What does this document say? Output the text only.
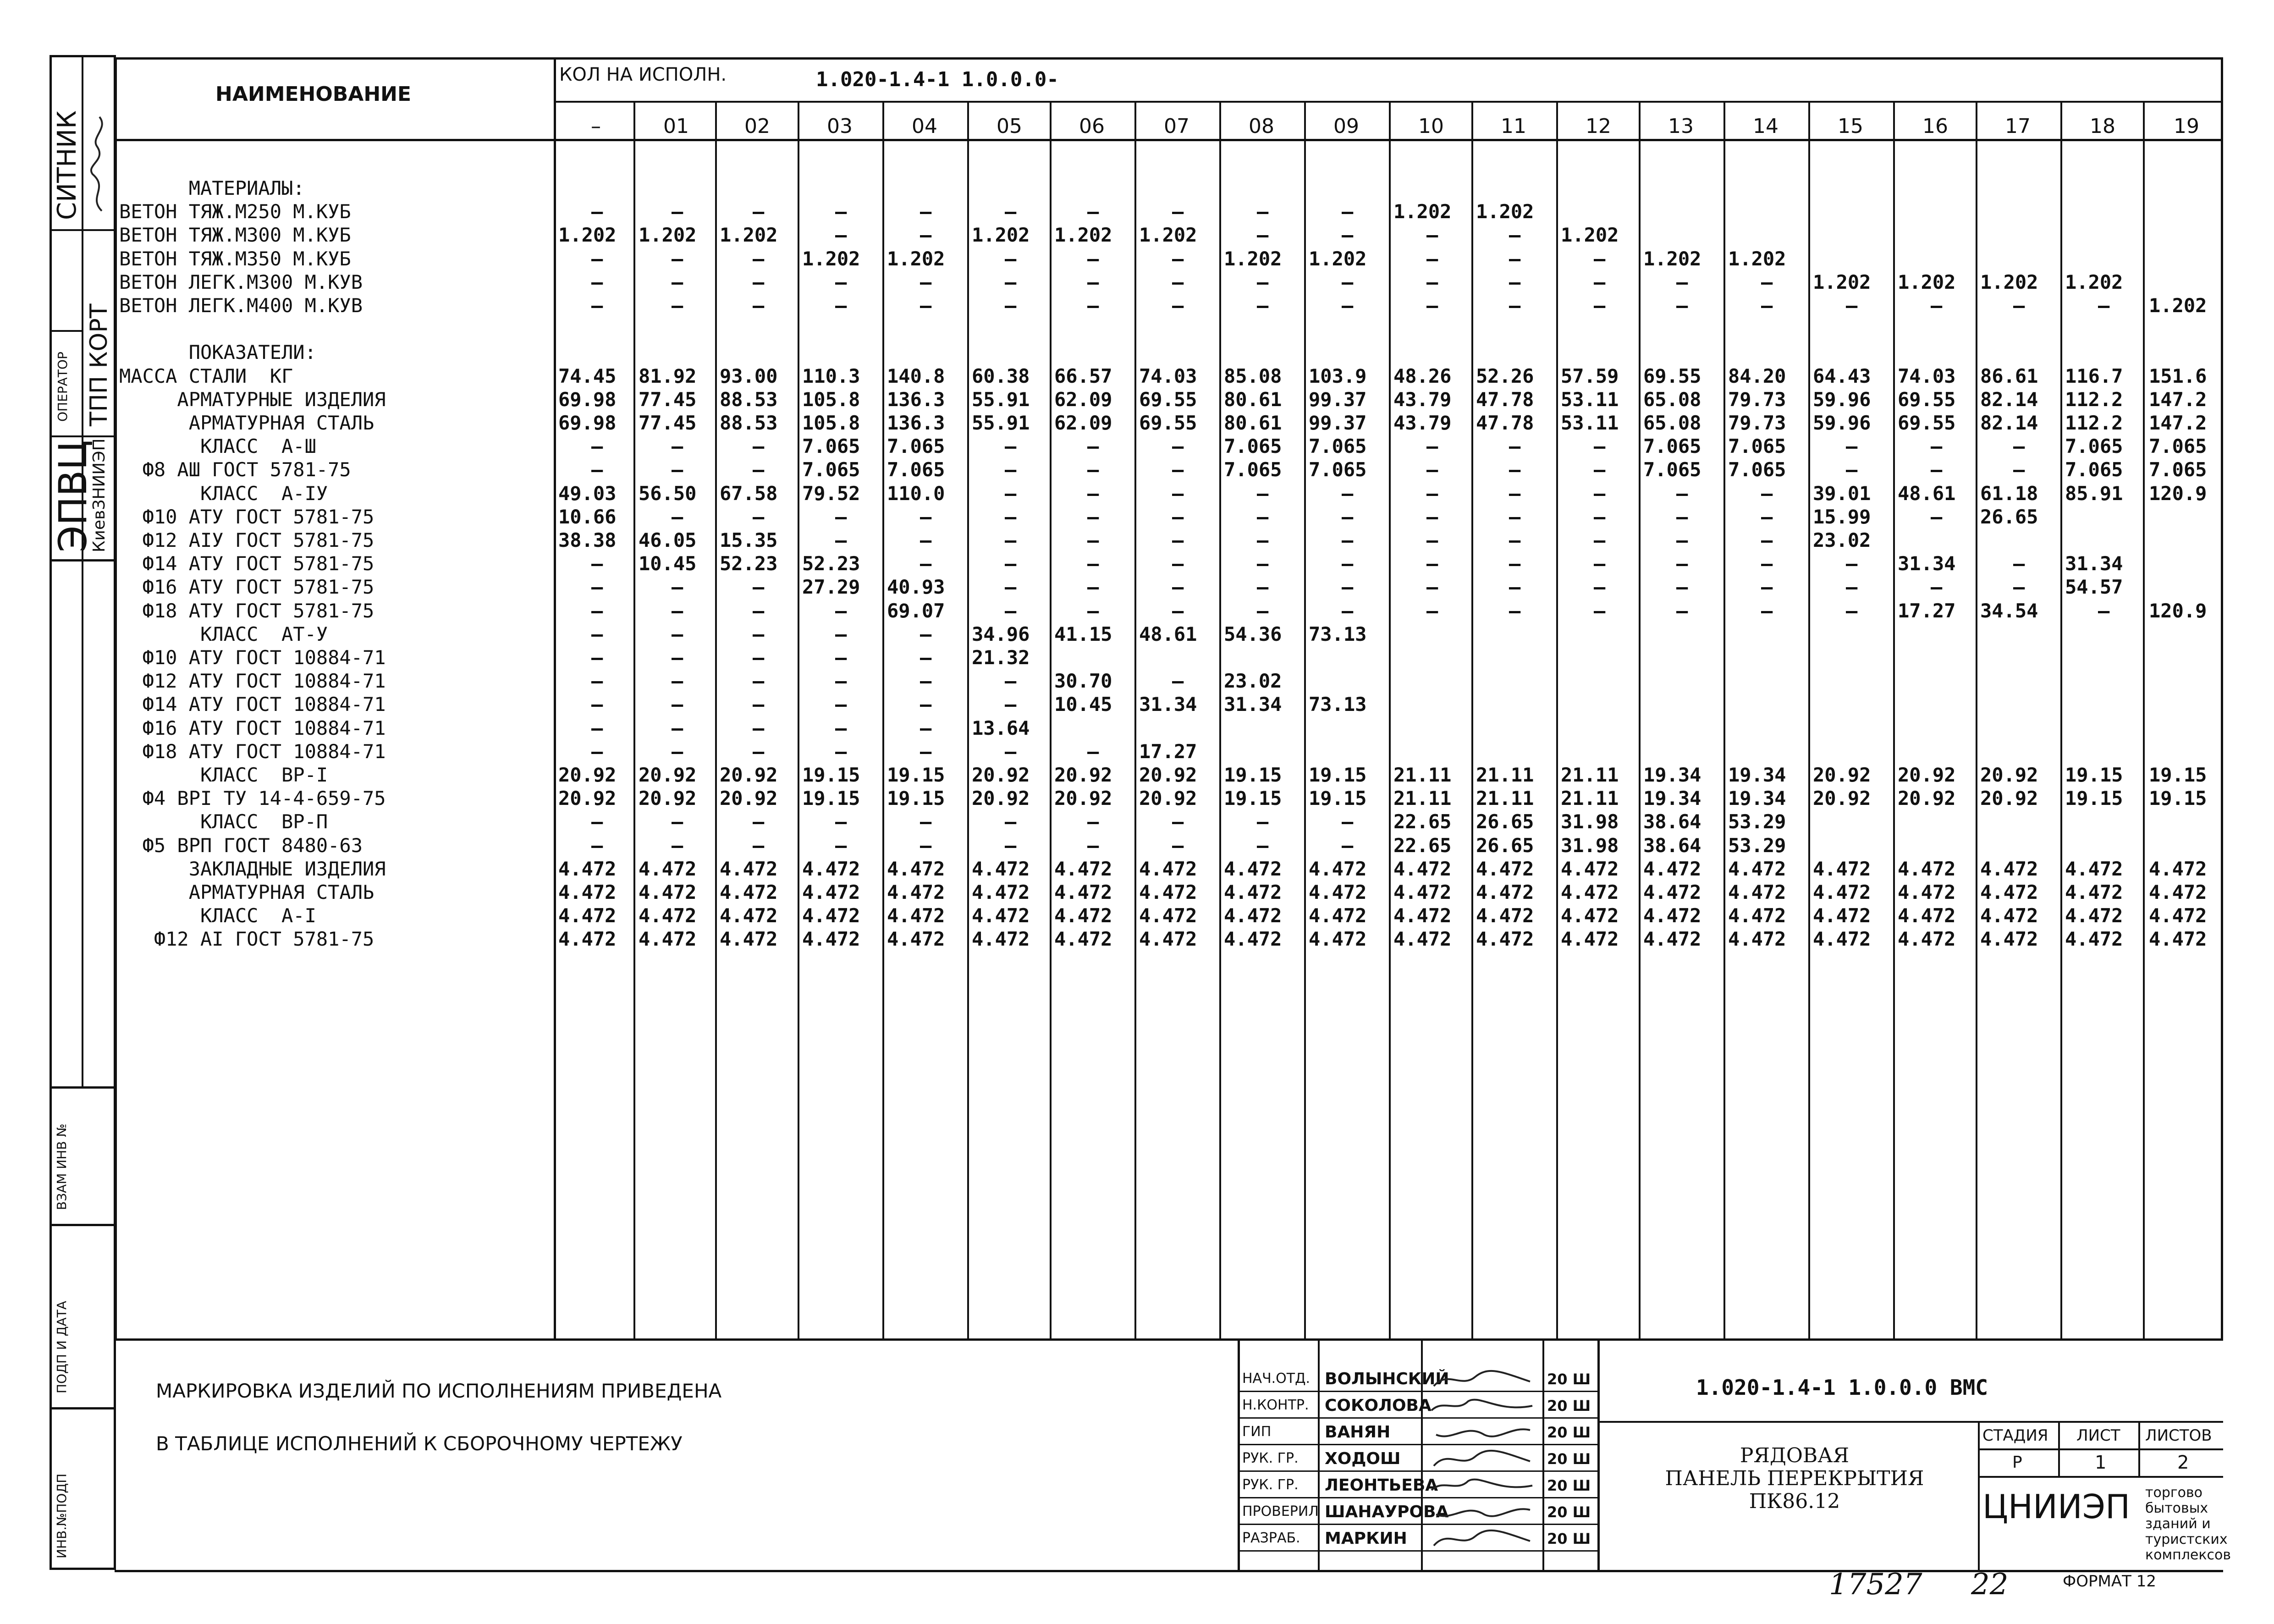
СИТНИК
ОПЕРАТОР ТПП КОРТ
ЭПВЦ
КиевЗНИИЭП
ВЗАМ ИНВ №
ПОДП И ДАТА
ИНВ.№ПОДП
НАИМЕНОВАНИЕ
КОЛ НА ИСПОЛН.	1.020-1.4-1 1.0.0.0-
–	01	02	03	04	05	06	07	08	09	10	11	12	13	14	15	16	17	18	19
МАТЕРИАЛЫ:
ВЕТОН ТЯЖ.М250 М.КУБ	–	–	–	–	–	–	–	–	–	– 1.202 1.202
ВЕТОН ТЯЖ.М300 М.КУБ	1.202 1.202 1.202	–	– 1.202 1.202 1.202	–	–	–	– 1.202
ВЕТОН ТЯЖ.М350 М.КУБ	–	–	– 1.202 1.202	–	–	– 1.202 1.202	–	–	– 1.202 1.202
ВЕТОН ЛЕГК.М300 М.КУВ	–	–	–	–	–	–	–	–	–	–	–	–	–	–	– 1.202 1.202 1.202 1.202
ВЕТОН ЛЕГК.М400 М.КУВ	–	–	–	–	–	–	–	–	–	–	–	–	–	–	–	–	–	–	– 1.202
ПОКАЗАТЕЛИ:
МАССА СТАЛИ  КГ	74.45 81.92 93.00 110.3 140.8 60.38 66.57 74.03 85.08 103.9 48.26 52.26 57.59 69.55 84.20 64.43 74.03 86.61 116.7 151.6
АРМАТУРНЫЕ ИЗДЕЛИЯ	69.98 77.45 88.53 105.8 136.3 55.91 62.09 69.55 80.61 99.37 43.79 47.78 53.11 65.08 79.73 59.96 69.55 82.14 112.2 147.2
АРМАТУРНАЯ СТАЛЬ	69.98 77.45 88.53 105.8 136.3 55.91 62.09 69.55 80.61 99.37 43.79 47.78 53.11 65.08 79.73 59.96 69.55 82.14 112.2 147.2
КЛАСС  А-Ш	–	–	– 7.065 7.065	–	–	– 7.065 7.065	–	–	– 7.065 7.065	–	–	– 7.065 7.065
Ф8 АШ ГОСТ 5781-75	–	–	– 7.065 7.065	–	–	– 7.065 7.065	–	–	– 7.065 7.065	–	–	– 7.065 7.065
КЛАСС  А-IУ	49.03 56.50 67.58 79.52 110.0	–	–	–	–	–	–	–	–	–	– 39.01 48.61 61.18 85.91 120.9
Ф10 АТУ ГОСТ 5781-75	10.66	–	–	–	–	–	–	–	–	–	–	–	–	–	– 15.99	– 26.65
Ф12 АIУ ГОСТ 5781-75	38.38 46.05 15.35	–	–	–	–	–	–	–	–	–	–	–	– 23.02
Ф14 АТУ ГОСТ 5781-75	– 10.45 52.23 52.23	–	–	–	–	–	–	–	–	–	–	–	– 31.34	– 31.34
Ф16 АТУ ГОСТ 5781-75	–	–	– 27.29 40.93	–	–	–	–	–	–	–	–	–	–	–	–	– 54.57
Ф18 АТУ ГОСТ 5781-75	–	–	–	– 69.07	–	–	–	–	–	–	–	–	–	–	– 17.27 34.54	– 120.9
КЛАСС  АТ-У	–	–	–	–	– 34.96 41.15 48.61 54.36 73.13
Ф10 АТУ ГОСТ 10884-71	–	–	–	–	– 21.32
Ф12 АТУ ГОСТ 10884-71	–	–	–	–	–	– 30.70	– 23.02
Ф14 АТУ ГОСТ 10884-71	–	–	–	–	–	– 10.45 31.34 31.34 73.13
Ф16 АТУ ГОСТ 10884-71	–	–	–	–	– 13.64
Ф18 АТУ ГОСТ 10884-71	–	–	–	–	–	–	– 17.27
КЛАСС  ВР-I	20.92 20.92 20.92 19.15 19.15 20.92 20.92 20.92 19.15 19.15 21.11 21.11 21.11 19.34 19.34 20.92 20.92 20.92 19.15 19.15
Ф4 ВРI ТУ 14-4-659-75	20.92 20.92 20.92 19.15 19.15 20.92 20.92 20.92 19.15 19.15 21.11 21.11 21.11 19.34 19.34 20.92 20.92 20.92 19.15 19.15
КЛАСС  ВР-П	–	–	–	–	–	–	–	–	–	– 22.65 26.65 31.98 38.64 53.29
Ф5 ВРП ГОСТ 8480-63	–	–	–	–	–	–	–	–	–	– 22.65 26.65 31.98 38.64 53.29
ЗАКЛАДНЫЕ ИЗДЕЛИЯ	4.472 4.472 4.472 4.472 4.472 4.472 4.472 4.472 4.472 4.472 4.472 4.472 4.472 4.472 4.472 4.472 4.472 4.472 4.472 4.472
АРМАТУРНАЯ СТАЛЬ	4.472 4.472 4.472 4.472 4.472 4.472 4.472 4.472 4.472 4.472 4.472 4.472 4.472 4.472 4.472 4.472 4.472 4.472 4.472 4.472
КЛАСС  А-I	4.472 4.472 4.472 4.472 4.472 4.472 4.472 4.472 4.472 4.472 4.472 4.472 4.472 4.472 4.472 4.472 4.472 4.472 4.472 4.472
Ф12 АI ГОСТ 5781-75	4.472 4.472 4.472 4.472 4.472 4.472 4.472 4.472 4.472 4.472 4.472 4.472 4.472 4.472 4.472 4.472 4.472 4.472 4.472 4.472
МАРКИРОВКА ИЗДЕЛИЙ ПО ИСПОЛНЕНИЯМ ПРИВЕДЕНА
В ТАБЛИЦЕ ИСПОЛНЕНИЙ К СБОРОЧНОМУ ЧЕРТЕЖУ
НАЧ.ОТД. ВОЛЫНСКИЙ	20 Ш
Н.КОНТР. СОКОЛОВА	20 Ш
ГИП	ВАНЯН	20 Ш
РУК. ГР. ХОДОШ	20 Ш
РУК. ГР. ЛЕОНТЬЕВА	20 Ш
ПРОВЕРИЛ ШАНАУРОВА	20 Ш
РАЗРАБ. МАРКИН	20 Ш
1.020-1.4-1 1.0.0.0 ВМС
РЯДОВАЯ
ПАНЕЛЬ ПЕРЕКРЫТИЯ
ПК86.12
СТАДИЯ ЛИСТ ЛИСТОВ
Р	1	2
ЦНИИЭП торгово
бытовых
зданий и
туристских
комплексов
17527 22	ФОРМАТ 12
